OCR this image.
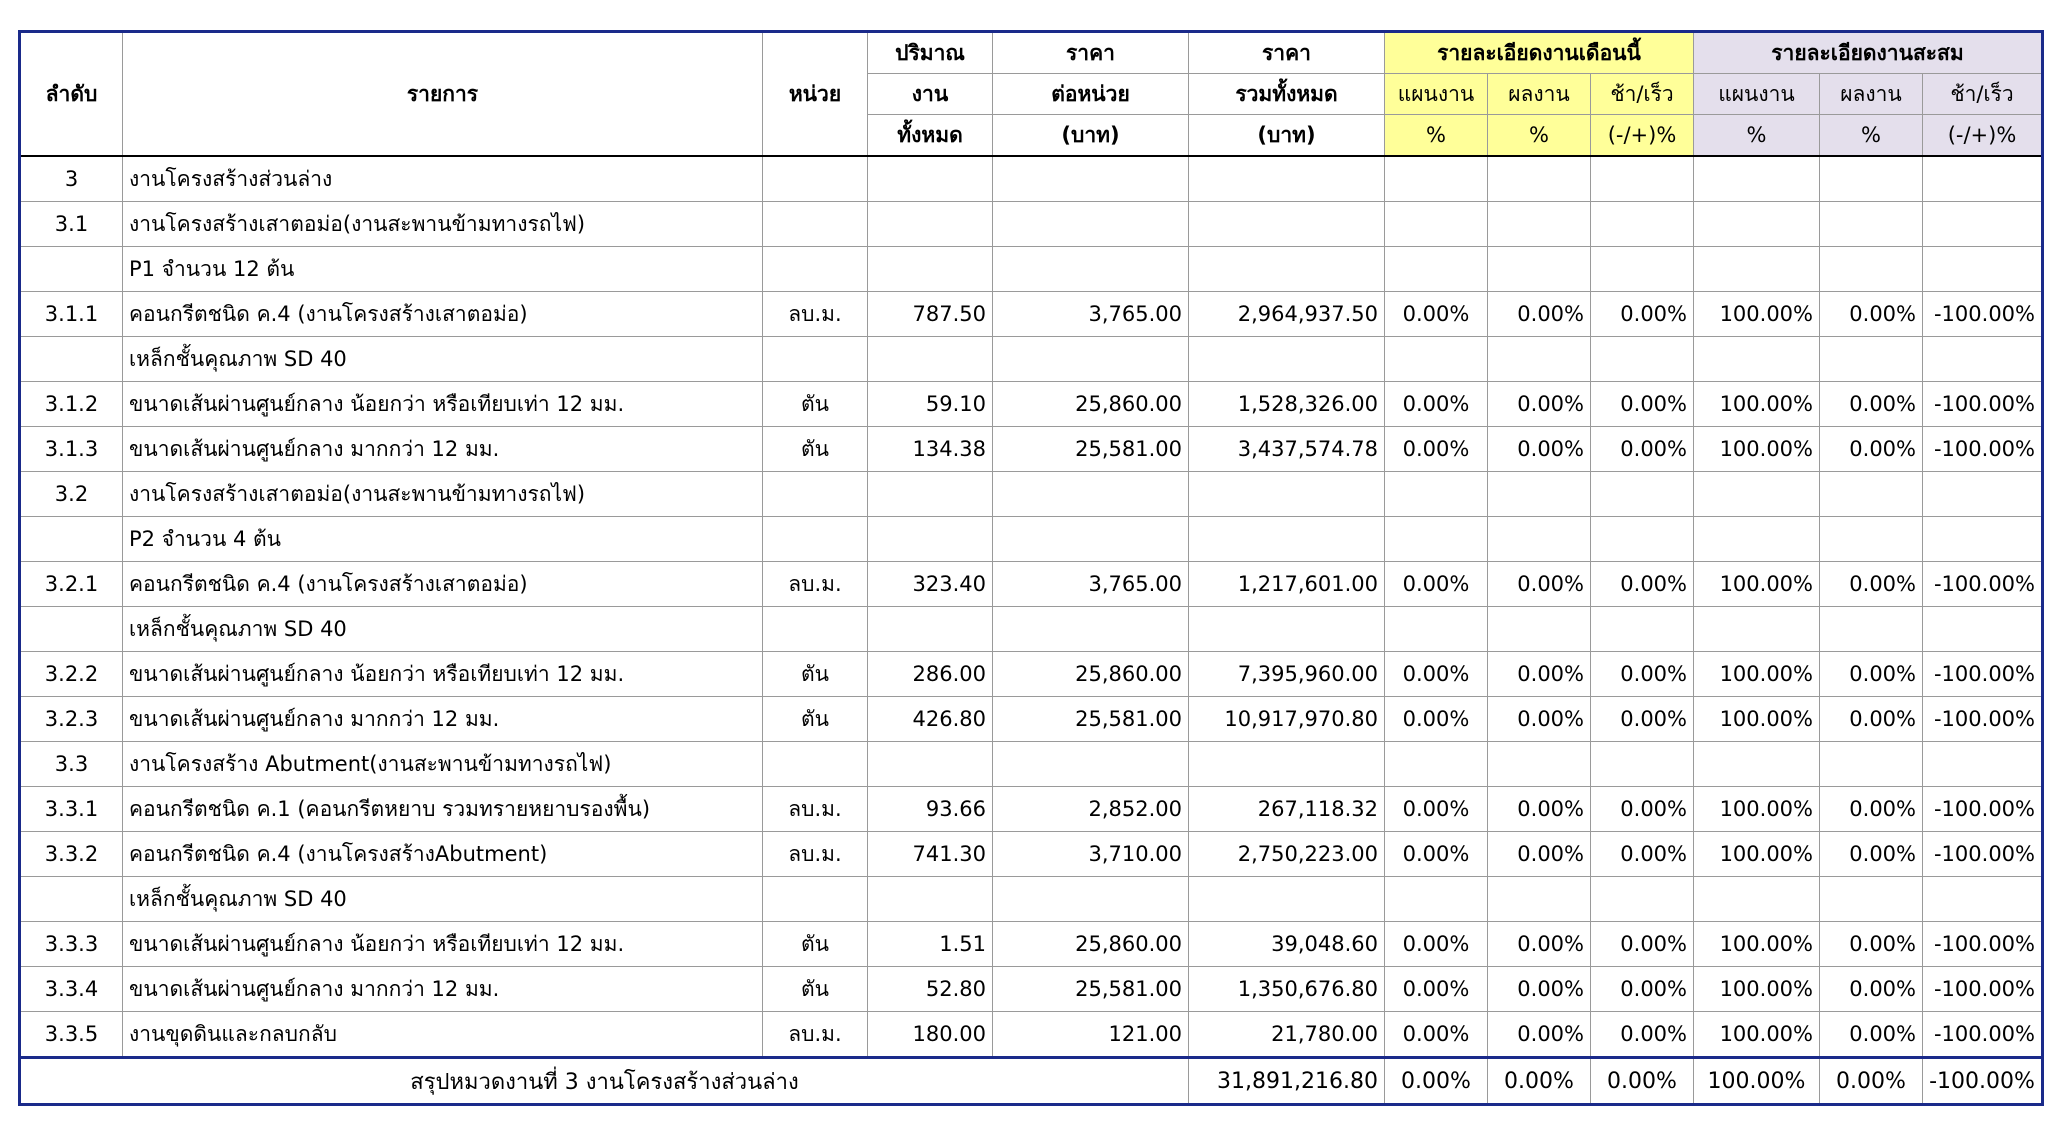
ลำดับ	รายการ	หน่วย	ปริมาณ	ราคา	ราคา	รายละเอียดงานเดือนนี้			รายละเอียดงานสะสม		
			งาน	ต่อหน่วย	รวมทั้งหมด	แผนงาน	ผลงาน	ช้า/เร็ว	แผนงาน	ผลงาน	ช้า/เร็ว
			ทั้งหมด	(บาท)	(บาท)	%	%	(-/+)%	%	%	(-/+)%
3	งานโครงสร้างส่วนล่าง										
3.1	งานโครงสร้างเสาตอม่อ(งานสะพานข้ามทางรถไฟ)										
	P1 จำนวน 12 ต้น										
3.1.1	คอนกรีตชนิด ค.4 (งานโครงสร้างเสาตอม่อ)	ลบ.ม.	787.50	3,765.00	2,964,937.50	0.00%	0.00%	0.00%	100.00%	0.00%	-100.00%
	เหล็กชั้นคุณภาพ SD 40										
3.1.2	ขนาดเส้นผ่านศูนย์กลาง น้อยกว่า หรือเทียบเท่า 12 มม.	ตัน	59.10	25,860.00	1,528,326.00	0.00%	0.00%	0.00%	100.00%	0.00%	-100.00%
3.1.3	ขนาดเส้นผ่านศูนย์กลาง มากกว่า 12 มม.	ตัน	134.38	25,581.00	3,437,574.78	0.00%	0.00%	0.00%	100.00%	0.00%	-100.00%
3.2	งานโครงสร้างเสาตอม่อ(งานสะพานข้ามทางรถไฟ)										
	P2 จำนวน 4 ต้น										
3.2.1	คอนกรีตชนิด ค.4 (งานโครงสร้างเสาตอม่อ)	ลบ.ม.	323.40	3,765.00	1,217,601.00	0.00%	0.00%	0.00%	100.00%	0.00%	-100.00%
	เหล็กชั้นคุณภาพ SD 40										
3.2.2	ขนาดเส้นผ่านศูนย์กลาง น้อยกว่า หรือเทียบเท่า 12 มม.	ตัน	286.00	25,860.00	7,395,960.00	0.00%	0.00%	0.00%	100.00%	0.00%	-100.00%
3.2.3	ขนาดเส้นผ่านศูนย์กลาง มากกว่า 12 มม.	ตัน	426.80	25,581.00	10,917,970.80	0.00%	0.00%	0.00%	100.00%	0.00%	-100.00%
3.3	งานโครงสร้าง Abutment(งานสะพานข้ามทางรถไฟ)										
3.3.1	คอนกรีตชนิด ค.1 (คอนกรีตหยาบ รวมทรายหยาบรองพื้น)	ลบ.ม.	93.66	2,852.00	267,118.32	0.00%	0.00%	0.00%	100.00%	0.00%	-100.00%
3.3.2	คอนกรีตชนิด ค.4 (งานโครงสร้างAbutment)	ลบ.ม.	741.30	3,710.00	2,750,223.00	0.00%	0.00%	0.00%	100.00%	0.00%	-100.00%
	เหล็กชั้นคุณภาพ SD 40										
3.3.3	ขนาดเส้นผ่านศูนย์กลาง น้อยกว่า หรือเทียบเท่า 12 มม.	ตัน	1.51	25,860.00	39,048.60	0.00%	0.00%	0.00%	100.00%	0.00%	-100.00%
3.3.4	ขนาดเส้นผ่านศูนย์กลาง มากกว่า 12 มม.	ตัน	52.80	25,581.00	1,350,676.80	0.00%	0.00%	0.00%	100.00%	0.00%	-100.00%
3.3.5	งานขุดดินและกลบกลับ	ลบ.ม.	180.00	121.00	21,780.00	0.00%	0.00%	0.00%	100.00%	0.00%	-100.00%
สรุปหมวดงานที่ 3 งานโครงสร้างส่วนล่าง					31,891,216.80	0.00%	0.00%	0.00%	100.00%	0.00%	-100.00%
